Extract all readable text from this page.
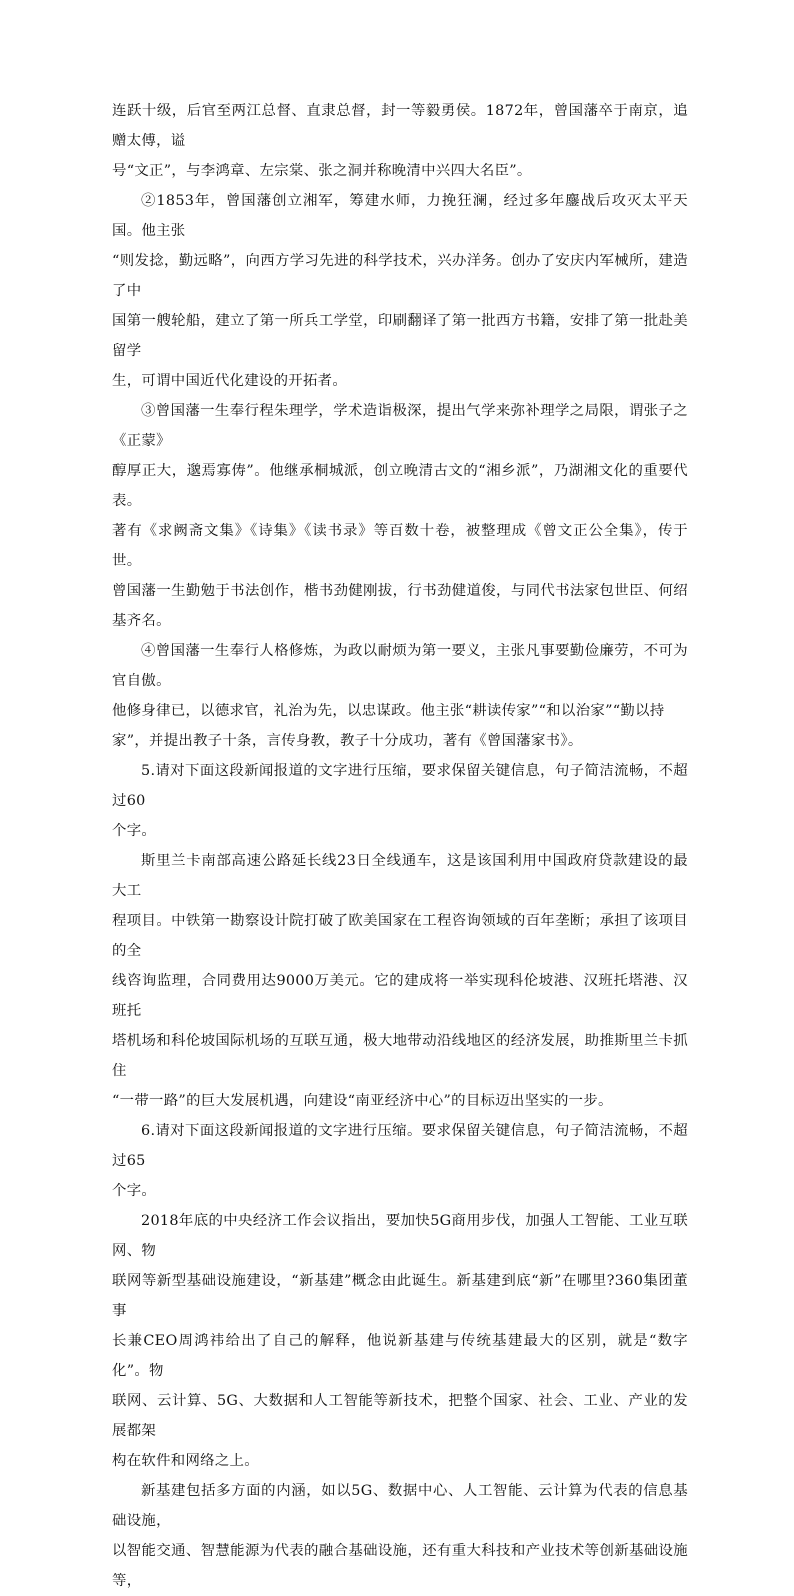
连跃十级，后官至两江总督、直隶总督，封一等毅勇侯。1872年，曾国藩卒于南京，追赠太傅，谥
号“文正”，与李鸿章、左宗棠、张之洞并称晚清中兴四大名臣”。
②1853年，曾国藩创立湘军，筹建水师，力挽狂澜，经过多年鏖战后攻灭太平天国。他主张
“则发捻，勤远略”，向西方学习先进的科学技术，兴办洋务。创办了安庆内军械所，建造了中
国第一艘轮船，建立了第一所兵工学堂，印刷翻译了第一批西方书籍，安排了第一批赴美留学
生，可谓中国近代化建设的开拓者。
③曾国藩一生奉行程朱理学，学术造诣极深，提出气学来弥补理学之局限，谓张子之《正蒙》
醇厚正大，邈焉寡俦”。他继承桐城派，创立晚清古文的“湘乡派”，乃湖湘文化的重要代表。
著有《求阙斋文集》《诗集》《读书录》等百数十卷，被整理成《曾文正公全集》，传于世。
曾国藩一生勤勉于书法创作，楷书劲健刚拔，行书劲健道俊，与同代书法家包世臣、何绍基齐名。
④曾国藩一生奉行人格修炼，为政以耐烦为第一要义，主张凡事要勤俭廉劳，不可为官自傲。
他修身律已，以德求官，礼治为先，以忠谋政。他主张“耕读传家”“和以治家”“勤以持
家”，并提出教子十条，言传身教，教子十分成功，著有《曾国藩家书》。
5.请对下面这段新闻报道的文字进行压缩，要求保留关键信息，句子简洁流畅，不超过60
个字。
斯里兰卡南部高速公路延长线23日全线通车，这是该国利用中国政府贷款建设的最大工
程项目。中铁第一勘察设计院打破了欧美国家在工程咨询领域的百年垄断；承担了该项目的全
线咨询监理，合同费用达9000万美元。它的建成将一举实现科伦坡港、汉班托塔港、汉班托
塔机场和科伦坡国际机场的互联互通，极大地带动沿线地区的经济发展，助推斯里兰卡抓住
“一带一路”的巨大发展机遇，向建设“南亚经济中心”的目标迈出坚实的一步。
6.请对下面这段新闻报道的文字进行压缩。要求保留关键信息，句子简洁流畅，不超过65
个字。
2018年底的中央经济工作会议指出，要加快5G商用步伐，加强人工智能、工业互联网、物
联网等新型基础设施建设，“新基建”概念由此诞生。新基建到底“新”在哪里?360集团董事
长兼CEO周鸿祎给出了自己的解释，他说新基建与传统基建最大的区别，就是“数字化”。物
联网、云计算、5G、大数据和人工智能等新技术，把整个国家、社会、工业、产业的发展都架
构在软件和网络之上。
新基建包括多方面的内涵，如以5G、数据中心、人工智能、云计算为代表的信息基础设施，
以智能交通、智慧能源为代表的融合基础设施，还有重大科技和产业技术等创新基础设施等，
